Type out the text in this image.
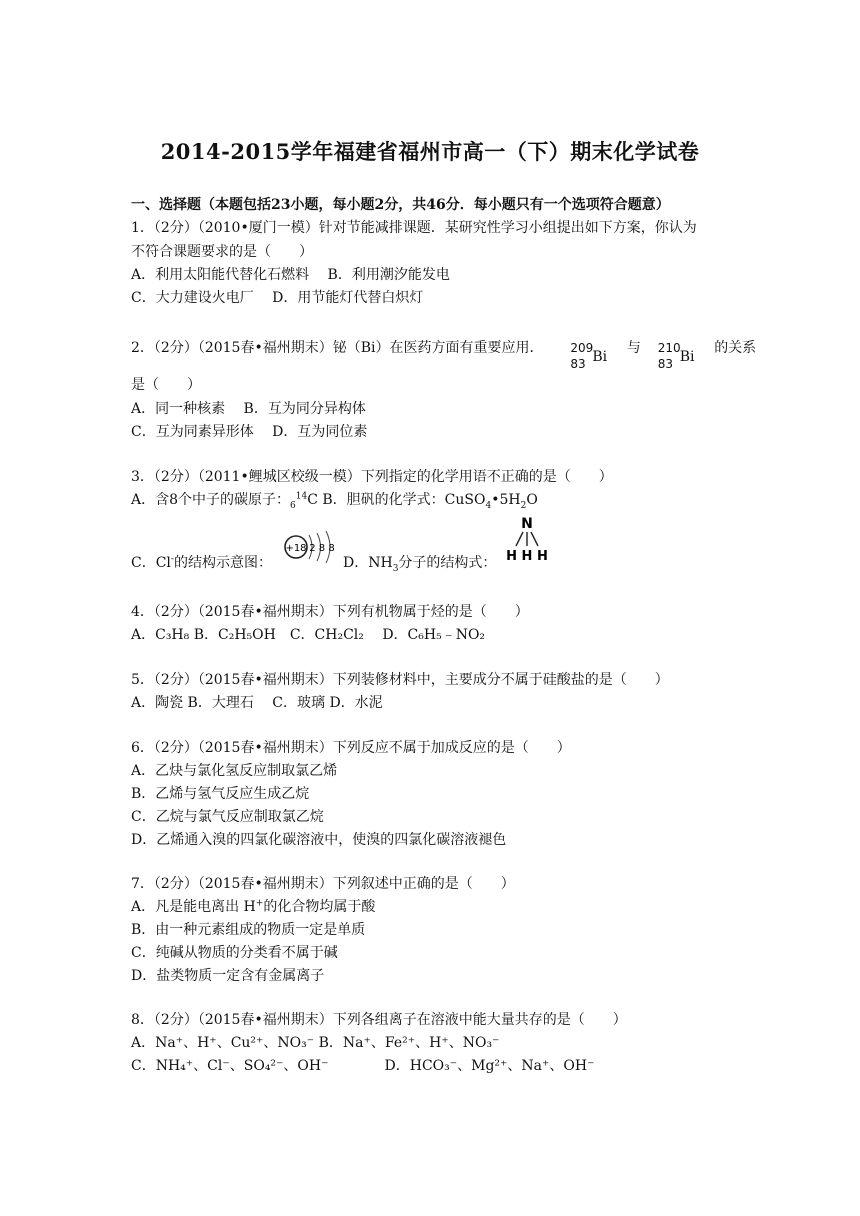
2014-2015学年福建省福州市高一（下）期末化学试卷
一、选择题（本题包括23小题，每小题2分，共46分．每小题只有一个选项符合题意）
1．（2分）（2010•厦门一模）针对节能减排课题．某研究性学习小组提出如下方案，你认为
不符合课题要求的是（　　）
A．利用太阳能代替化石燃料　 B．利用潮汐能发电
C．大力建设火电厂　 D．用节能灯代替白炽灯
2．（2分）（2015春•福州期末）铋（Bi）在医药方面有重要应用． 209
83 Bi
与 210
83 Bi
的关系
是（　　）
A．同一种核素　 B．互为同分异构体
C．互为同素异形体　 D．互为同位素
3．（2分）（2011•鲤城区校级一模）下列指定的化学用语不正确的是（　　）
A．含8个中子的碳原子：$_6^{14}$C B．胆矾的化学式：$CuSO_4•5H_2O$
C．Cl-的结构示意图：
+18 2 8 8
D．$NH_3$分子的结构式：
N
H H H
4．（2分）（2015春•福州期末）下列有机物属于烃的是（　　）
A．C₃H₈ B．C₂H₅OH　C．CH₂Cl₂　 D．C₆H₅﹣NO₂
5．（2分）（2015春•福州期末）下列装修材料中，主要成分不属于硅酸盐的是（　　）
A．陶瓷 B．大理石　 C．玻璃 D．水泥
6．（2分）（2015春•福州期末）下列反应不属于加成反应的是（　　）
A．乙炔与氯化氢反应制取氯乙烯
B．乙烯与氢气反应生成乙烷
C．乙烷与氯气反应制取氯乙烷
D．乙烯通入溴的四氯化碳溶液中，使溴的四氯化碳溶液褪色
7．（2分）（2015春•福州期末）下列叙述中正确的是（　　）
A．凡是能电离出 H+的化合物均属于酸
B．由一种元素组成的物质一定是单质
C．纯碱从物质的分类看不属于碱
D．盐类物质一定含有金属离子
8．（2分）（2015春•福州期末）下列各组离子在溶液中能大量共存的是（　　）
A．Na⁺、H⁺、Cu²⁺、NO₃⁻ B．Na⁺、Fe²⁺、H⁺、NO₃⁻
C．NH₄⁺、Cl⁻、SO₄²⁻、OH⁻　　　　D．HCO₃⁻、Mg²⁺、Na⁺、OH⁻
